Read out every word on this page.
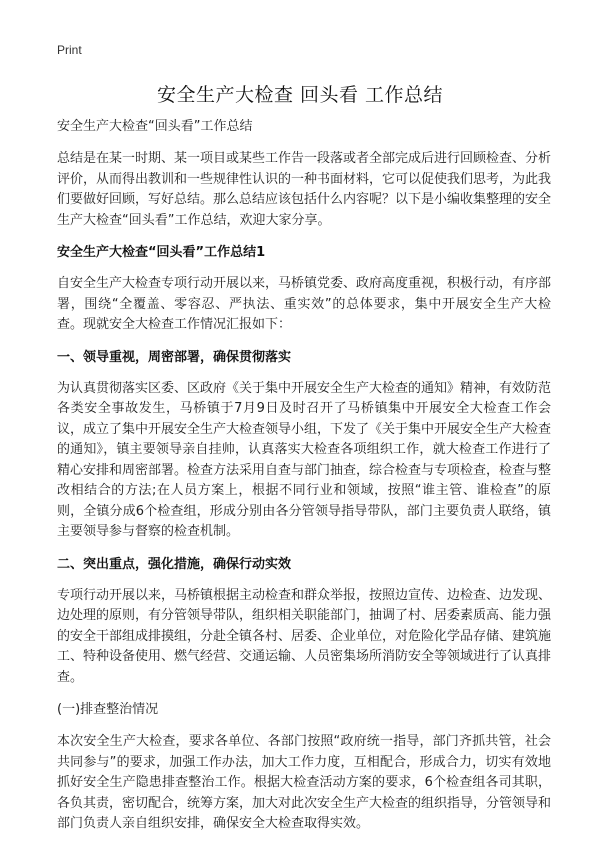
Print
安全生产大检查 回头看 工作总结

安全生产大检查“回头看”工作总结

总结是在某一时期、某一项目或某些工作告一段落或者全部完成后进行回顾检查、分析评价，从而得出教训和一些规律性认识的一种书面材料，它可以促使我们思考，为此我们要做好回顾，写好总结。那么总结应该包括什么内容呢？以下是小编收集整理的安全生产大检查“回头看”工作总结，欢迎大家分享。

安全生产大检查“回头看”工作总结1

自安全生产大检查专项行动开展以来，马桥镇党委、政府高度重视，积极行动，有序部署，围绕“全覆盖、零容忍、严执法、重实效”的总体要求，集中开展安全生产大检查。现就安全大检查工作情况汇报如下：

一、领导重视，周密部署，确保贯彻落实

为认真贯彻落实区委、区政府《关于集中开展安全生产大检查的通知》精神，有效防范各类安全事故发生，马桥镇于7月9日及时召开了马桥镇集中开展安全大检查工作会议，成立了集中开展安全生产大检查领导小组，下发了《关于集中开展安全生产大检查的通知》，镇主要领导亲自挂帅，认真落实大检查各项组织工作，就大检查工作进行了精心安排和周密部署。检查方法采用自查与部门抽查，综合检查与专项检查，检查与整改相结合的方法;在人员方案上，根据不同行业和领域，按照“谁主管、谁检查”的原则，全镇分成6个检查组，形成分别由各分管领导指导带队，部门主要负责人联络，镇主要领导参与督察的检查机制。

二、突出重点，强化措施，确保行动实效

专项行动开展以来，马桥镇根据主动检查和群众举报，按照边宣传、边检查、边发现、边处理的原则，有分管领导带队，组织相关职能部门，抽调了村、居委素质高、能力强的安全干部组成排摸组，分赴全镇各村、居委、企业单位，对危险化学品存储、建筑施工、特种设备使用、燃气经营、交通运输、人员密集场所消防安全等领域进行了认真排查。

(一)排查整治情况

本次安全生产大检查，要求各单位、各部门按照“政府统一指导，部门齐抓共管，社会共同参与”的要求，加强工作办法，加大工作力度，互相配合，形成合力，切实有效地抓好安全生产隐患排查整治工作。根据大检查活动方案的要求，6个检查组各司其职，各负其责，密切配合，统筹方案，加大对此次安全生产大检查的组织指导，分管领导和部门负责人亲自组织安排，确保安全大检查取得实效。
